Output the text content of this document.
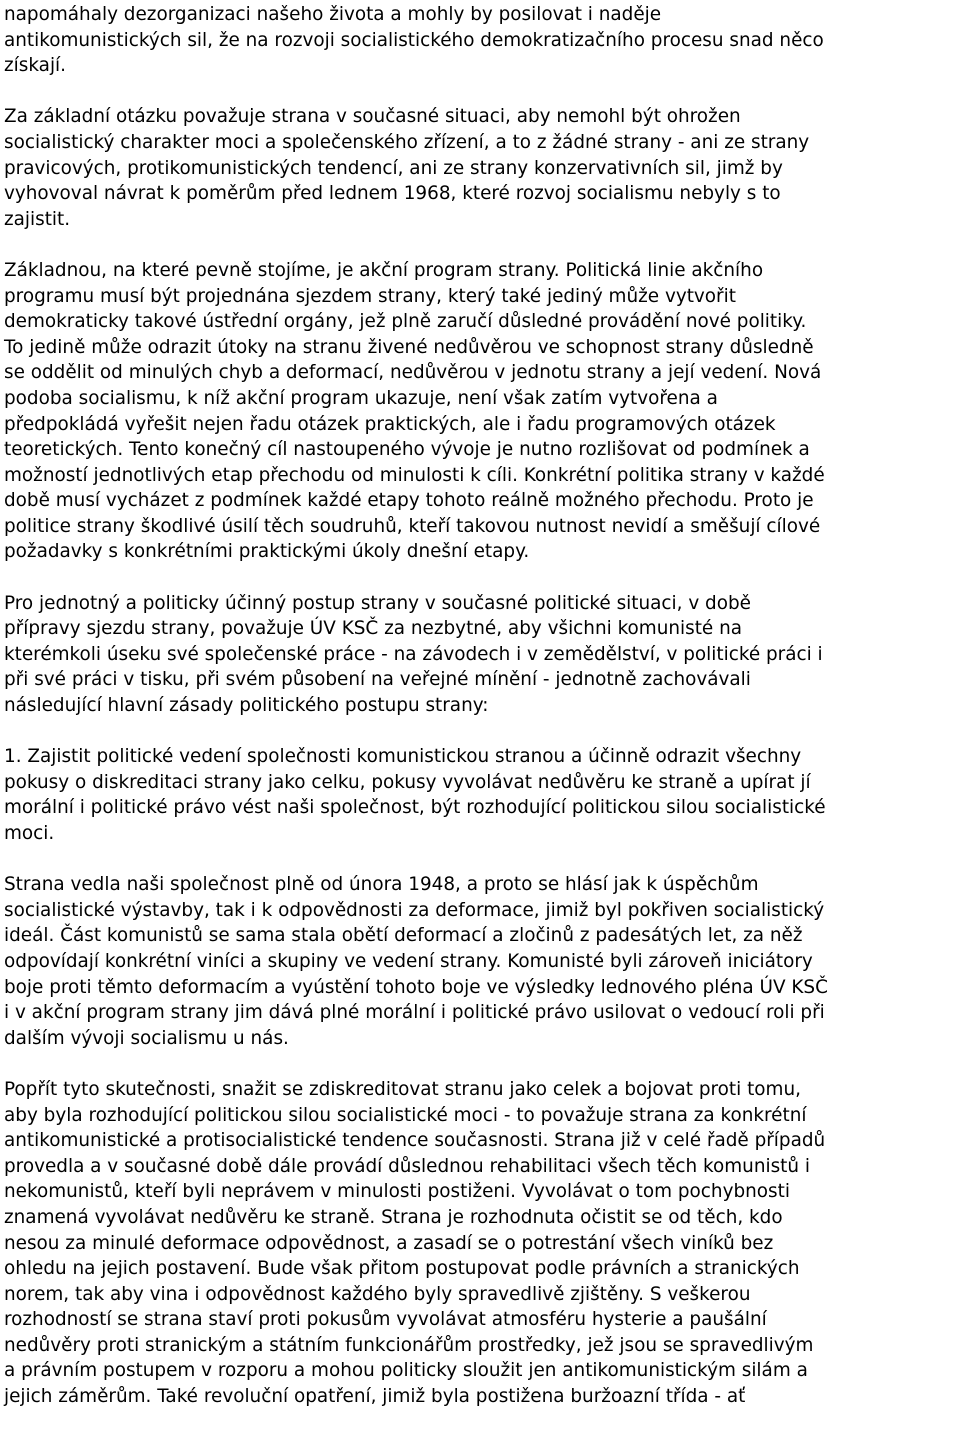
napomáhaly dezorganizaci našeho života a mohly by posilovat i naděje
antikomunistických sil, že na rozvoji socialistického demokratizačního procesu snad něco
získají.

Za základní otázku považuje strana v současné situaci, aby nemohl být ohrožen
socialistický charakter moci a společenského zřízení, a to z žádné strany - ani ze strany
pravicových, protikomunistických tendencí, ani ze strany konzervativních sil, jimž by
vyhovoval návrat k poměrům před lednem 1968, které rozvoj socialismu nebyly s to
zajistit.

Základnou, na které pevně stojíme, je akční program strany. Politická linie akčního
programu musí být projednána sjezdem strany, který také jediný může vytvořit
demokraticky takové ústřední orgány, jež plně zaručí důsledné provádění nové politiky.
To jedině může odrazit útoky na stranu živené nedůvěrou ve schopnost strany důsledně
se oddělit od minulých chyb a deformací, nedůvěrou v jednotu strany a její vedení. Nová
podoba socialismu, k níž akční program ukazuje, není však zatím vytvořena a
předpokládá vyřešit nejen řadu otázek praktických, ale i řadu programových otázek
teoretických. Tento konečný cíl nastoupeného vývoje je nutno rozlišovat od podmínek a
možností jednotlivých etap přechodu od minulosti k cíli. Konkrétní politika strany v každé
době musí vycházet z podmínek každé etapy tohoto reálně možného přechodu. Proto je
politice strany škodlivé úsilí těch soudruhů, kteří takovou nutnost nevidí a směšují cílové
požadavky s konkrétními praktickými úkoly dnešní etapy.

Pro jednotný a politicky účinný postup strany v současné politické situaci, v době
přípravy sjezdu strany, považuje ÚV KSČ za nezbytné, aby všichni komunisté na
kterémkoli úseku své společenské práce - na závodech i v zemědělství, v politické práci i
při své práci v tisku, při svém působení na veřejné mínění - jednotně zachovávali
následující hlavní zásady politického postupu strany:

1. Zajistit politické vedení společnosti komunistickou stranou a účinně odrazit všechny
pokusy o diskreditaci strany jako celku, pokusy vyvolávat nedůvěru ke straně a upírat jí
morální i politické právo vést naši společnost, být rozhodující politickou silou socialistické
moci.

Strana vedla naši společnost plně od února 1948, a proto se hlásí jak k úspěchům
socialistické výstavby, tak i k odpovědnosti za deformace, jimiž byl pokřiven socialistický
ideál. Část komunistů se sama stala obětí deformací a zločinů z padesátých let, za něž
odpovídají konkrétní viníci a skupiny ve vedení strany. Komunisté byli zároveň iniciátory
boje proti těmto deformacím a vyústění tohoto boje ve výsledky lednového pléna ÚV KSČ
i v akční program strany jim dává plné morální i politické právo usilovat o vedoucí roli při
dalším vývoji socialismu u nás.

Popřít tyto skutečnosti, snažit se zdiskreditovat stranu jako celek a bojovat proti tomu,
aby byla rozhodující politickou silou socialistické moci - to považuje strana za konkrétní
antikomunistické a protisocialistické tendence současnosti. Strana již v celé řadě případů
provedla a v současné době dále provádí důslednou rehabilitaci všech těch komunistů i
nekomunistů, kteří byli neprávem v minulosti postiženi. Vyvolávat o tom pochybnosti
znamená vyvolávat nedůvěru ke straně. Strana je rozhodnuta očistit se od těch, kdo
nesou za minulé deformace odpovědnost, a zasadí se o potrestání všech viníků bez
ohledu na jejich postavení. Bude však přitom postupovat podle právních a stranických
norem, tak aby vina i odpovědnost každého byly spravedlivě zjištěny. S veškerou
rozhodností se strana staví proti pokusům vyvolávat atmosféru hysterie a paušální
nedůvěry proti stranickým a státním funkcionářům prostředky, jež jsou se spravedlivým
a právním postupem v rozporu a mohou politicky sloužit jen antikomunistickým silám a
jejich záměrům. Také revoluční opatření, jimiž byla postižena buržoazní třída - ať
